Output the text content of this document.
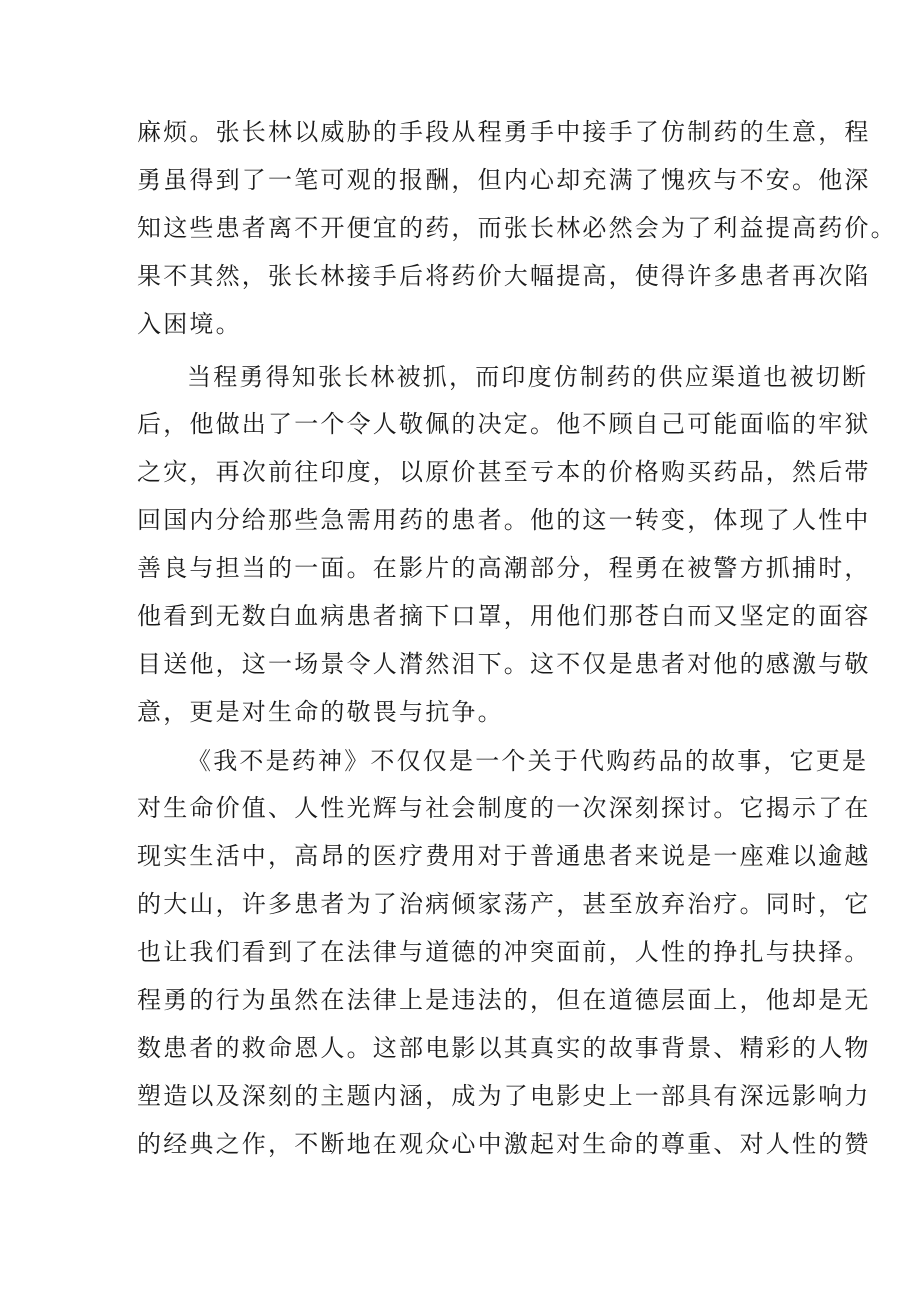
麻烦。张长林以威胁的手段从程勇手中接手了仿制药的生意，程
勇虽得到了一笔可观的报酬，但内心却充满了愧疚与不安。他深
知这些患者离不开便宜的药，而张长林必然会为了利益提高药价。
果不其然，张长林接手后将药价大幅提高，使得许多患者再次陷
入困境。
当程勇得知张长林被抓，而印度仿制药的供应渠道也被切断
后，他做出了一个令人敬佩的决定。他不顾自己可能面临的牢狱
之灾，再次前往印度，以原价甚至亏本的价格购买药品，然后带
回国内分给那些急需用药的患者。他的这一转变，体现了人性中
善良与担当的一面。在影片的高潮部分，程勇在被警方抓捕时，
他看到无数白血病患者摘下口罩，用他们那苍白而又坚定的面容
目送他，这一场景令人潸然泪下。这不仅是患者对他的感激与敬
意，更是对生命的敬畏与抗争。
《我不是药神》不仅仅是一个关于代购药品的故事，它更是
对生命价值、人性光辉与社会制度的一次深刻探讨。它揭示了在
现实生活中，高昂的医疗费用对于普通患者来说是一座难以逾越
的大山，许多患者为了治病倾家荡产，甚至放弃治疗。同时，它
也让我们看到了在法律与道德的冲突面前，人性的挣扎与抉择。
程勇的行为虽然在法律上是违法的，但在道德层面上，他却是无
数患者的救命恩人。这部电影以其真实的故事背景、精彩的人物
塑造以及深刻的主题内涵，成为了电影史上一部具有深远影响力
的经典之作，不断地在观众心中激起对生命的尊重、对人性的赞
